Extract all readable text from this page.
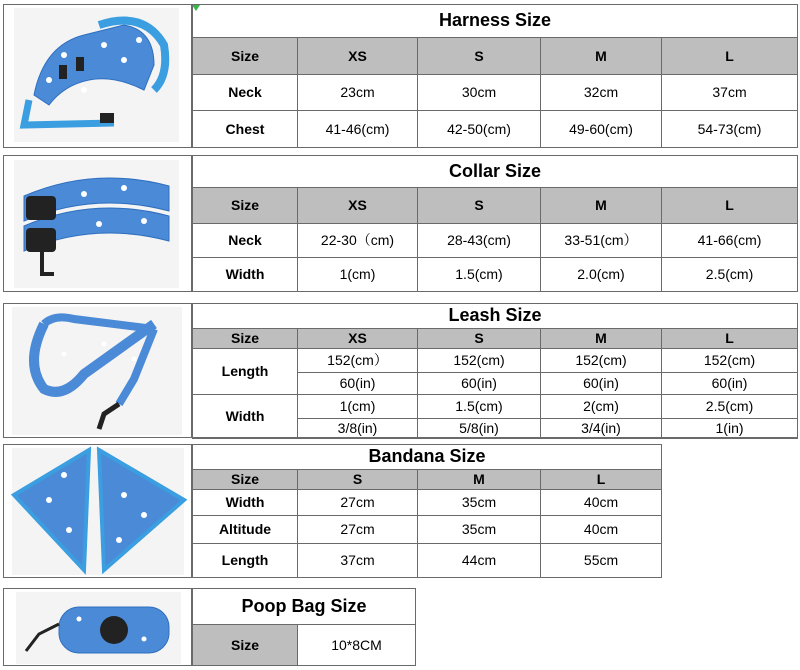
Harness Size				
Size	XS	S	M	L
Neck	23cm	30cm	32cm	37cm
Chest	41-46(cm)	42-50(cm)	49-60(cm)	54-73(cm)
Collar Size				
Size	XS	S	M	L
Neck	22-30（cm)	28-43(cm)	33-51(cm）	41-66(cm)
Width	1(cm)	1.5(cm)	2.0(cm)	2.5(cm)
Leash Size				
Size	XS	S	M	L
Length	152(cm）	152(cm)	152(cm)	152(cm)
	60(in)	60(in)	60(in)	60(in)
Width	1(cm)	1.5(cm)	2(cm)	2.5(cm)
	3/8(in)	5/8(in)	3/4(in)	1(in)
Bandana Size			
Size	S	M	L
Width	27cm	35cm	40cm
Altitude	27cm	35cm	40cm
Length	37cm	44cm	55cm
Poop Bag Size
Size	10*8CM
